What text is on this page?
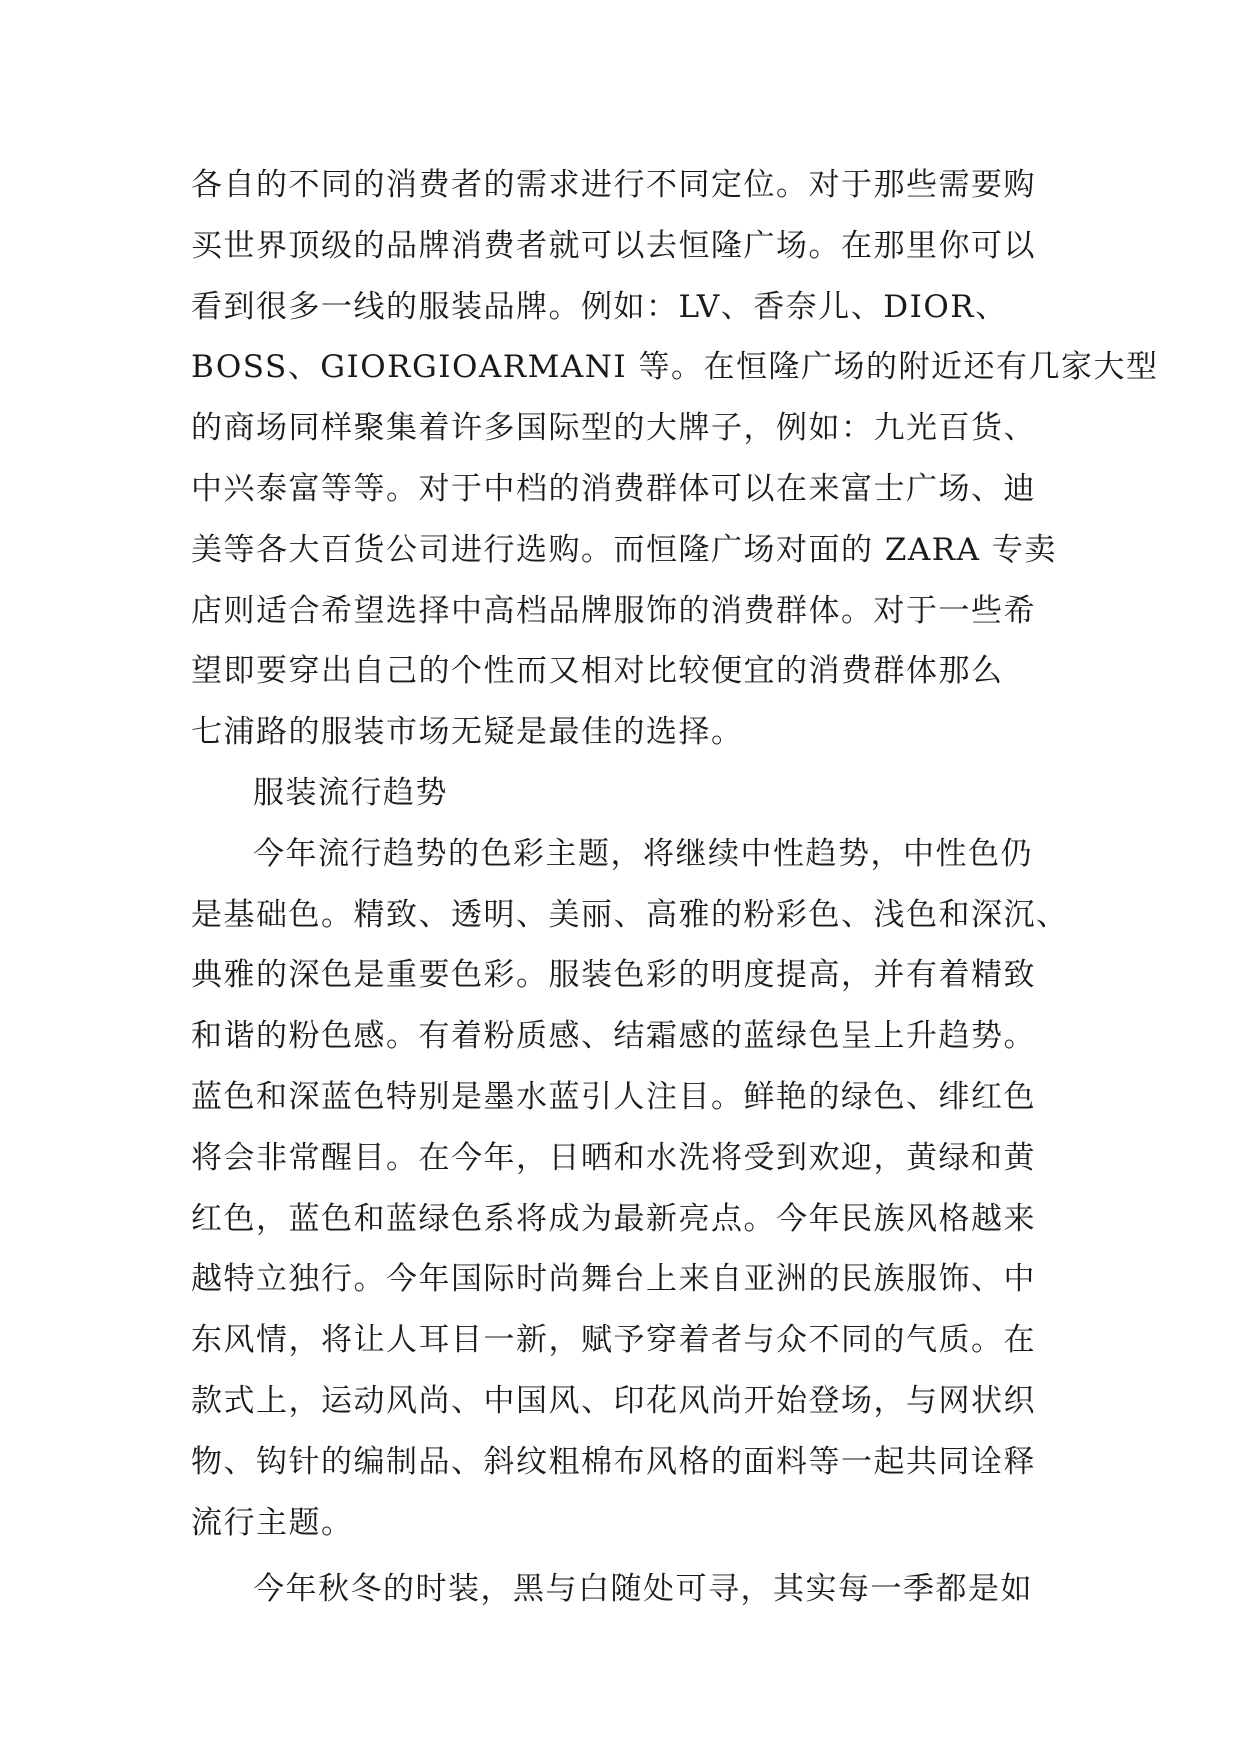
各自的不同的消费者的需求进行不同定位。对于那些需要购
买世界顶级的品牌消费者就可以去恒隆广场。在那里你可以
看到很多一线的服装品牌。例如：LV、香奈儿、DIOR、
BOSS、GIORGIOARMANI 等。在恒隆广场的附近还有几家大型
的商场同样聚集着许多国际型的大牌子，例如：九光百货、
中兴泰富等等。对于中档的消费群体可以在来富士广场、迪
美等各大百货公司进行选购。而恒隆广场对面的 ZARA 专卖
店则适合希望选择中高档品牌服饰的消费群体。对于一些希
望即要穿出自己的个性而又相对比较便宜的消费群体那么
七浦路的服装市场无疑是最佳的选择。
服装流行趋势
今年流行趋势的色彩主题，将继续中性趋势，中性色仍
是基础色。精致、透明、美丽、高雅的粉彩色、浅色和深沉、
典雅的深色是重要色彩。服装色彩的明度提高，并有着精致
和谐的粉色感。有着粉质感、结霜感的蓝绿色呈上升趋势。
蓝色和深蓝色特别是墨水蓝引人注目。鲜艳的绿色、绯红色
将会非常醒目。在今年，日晒和水洗将受到欢迎，黄绿和黄
红色，蓝色和蓝绿色系将成为最新亮点。今年民族风格越来
越特立独行。今年国际时尚舞台上来自亚洲的民族服饰、中
东风情，将让人耳目一新，赋予穿着者与众不同的气质。在
款式上，运动风尚、中国风、印花风尚开始登场，与网状织
物、钩针的编制品、斜纹粗棉布风格的面料等一起共同诠释
流行主题。
今年秋冬的时装，黑与白随处可寻，其实每一季都是如
